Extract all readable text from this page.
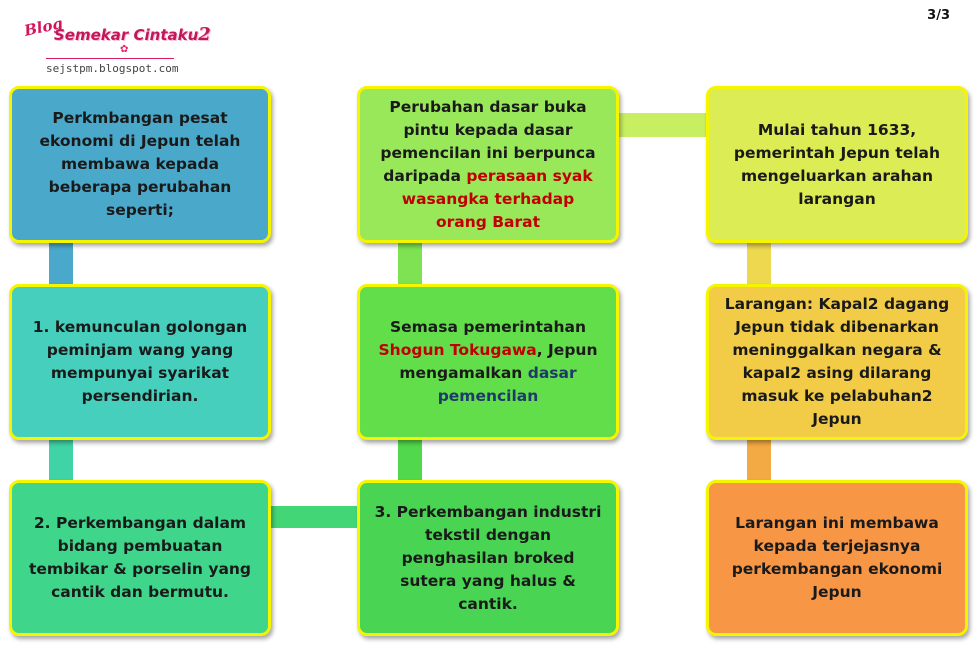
3/3
Blog
Semekar Cintaku2
✿
sejstpm.blogspot.com
Perkmbangan pesat ekonomi di Jepun telah membawa kepada beberapa perubahan seperti;
1. kemunculan golongan peminjam wang yang mempunyai syarikat persendirian.
2. Perkembangan dalam bidang pembuatan tembikar & porselin yang cantik dan bermutu.
Perubahan dasar buka pintu kepada dasar pemencilan ini berpunca daripada perasaan syak wasangka terhadap orang Barat
Semasa pemerintahan Shogun Tokugawa, Jepun mengamalkan dasar pemencilan
3. Perkembangan industri tekstil dengan penghasilan broked sutera yang halus & cantik.
Mulai tahun 1633, pemerintah Jepun telah mengeluarkan arahan larangan
Larangan: Kapal2 dagang Jepun tidak dibenarkan meninggalkan negara & kapal2 asing dilarang masuk ke pelabuhan2 Jepun
Larangan ini membawa kepada terjejasnya perkembangan ekonomi Jepun
